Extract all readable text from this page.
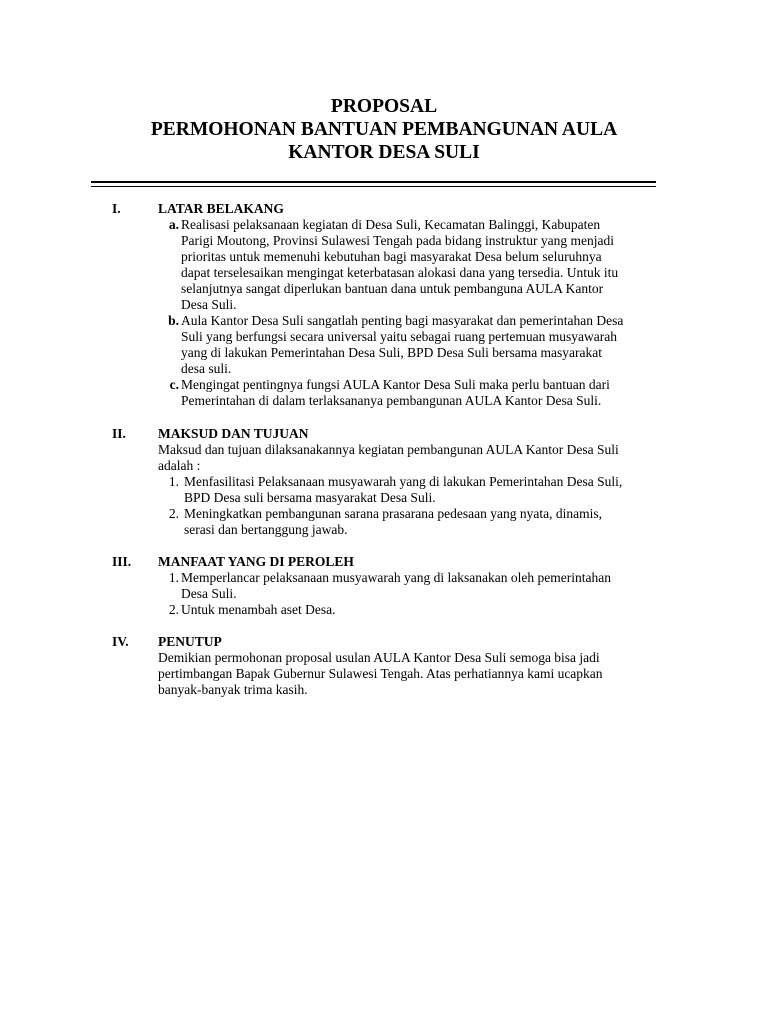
PROPOSAL
PERMOHONAN BANTUAN PEMBANGUNAN AULA
KANTOR DESA SULI
I.	LATAR BELAKANG
a. Realisasi pelaksanaan kegiatan di Desa Suli, Kecamatan Balinggi, Kabupaten
Parigi Moutong, Provinsi Sulawesi Tengah pada bidang instruktur yang menjadi
prioritas untuk memenuhi kebutuhan bagi masyarakat Desa belum seluruhnya
dapat terselesaikan mengingat keterbatasan alokasi dana yang tersedia. Untuk itu
selanjutnya sangat diperlukan bantuan dana untuk pembanguna AULA Kantor
Desa Suli.
b. Aula Kantor Desa Suli sangatlah penting bagi masyarakat dan pemerintahan Desa
Suli yang berfungsi secara universal yaitu sebagai ruang pertemuan musyawarah
yang di lakukan Pemerintahan Desa Suli, BPD Desa Suli bersama masyarakat
desa suli.
c. Mengingat pentingnya fungsi AULA Kantor Desa Suli maka perlu bantuan dari
Pemerintahan di dalam terlaksananya pembangunan AULA Kantor Desa Suli.
II. MAKSUD DAN TUJUAN
Maksud dan tujuan dilaksanakannya kegiatan pembangunan AULA Kantor Desa Suli
adalah :
1. Menfasilitasi Pelaksanaan musyawarah yang di lakukan Pemerintahan Desa Suli,
BPD Desa suli bersama masyarakat Desa Suli.
2. Meningkatkan pembangunan sarana prasarana pedesaan yang nyata, dinamis,
serasi dan bertanggung jawab.
III. MANFAAT YANG DI PEROLEH
1. Memperlancar pelaksanaan musyawarah yang di laksanakan oleh pemerintahan
Desa Suli.
2. Untuk menambah aset Desa.
IV. PENUTUP
Demikian permohonan proposal usulan AULA Kantor Desa Suli semoga bisa jadi
pertimbangan Bapak Gubernur Sulawesi Tengah. Atas perhatiannya kami ucapkan
banyak-banyak trima kasih.
